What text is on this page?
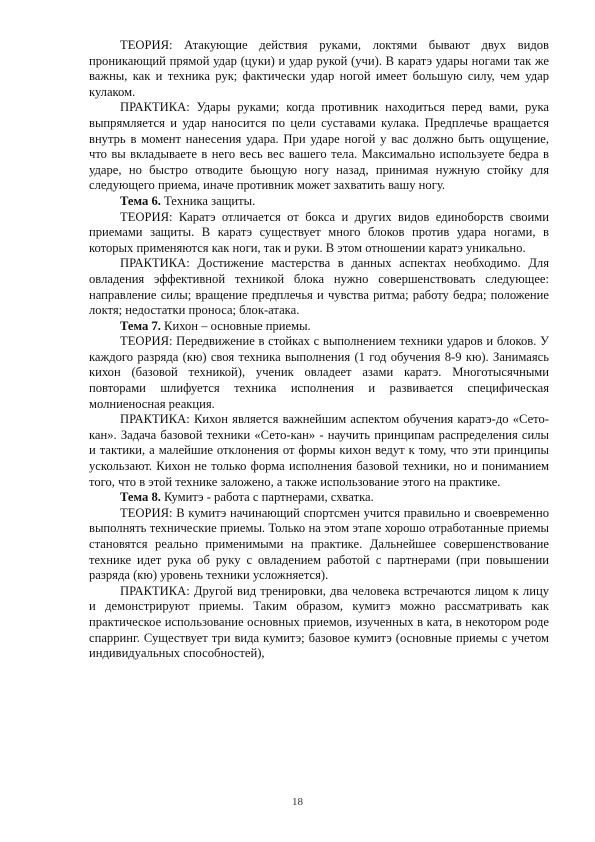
ТЕОРИЯ: Атакующие действия руками, локтями бывают двух видов проникающий прямой удар (цуки) и удар рукой (учи). В каратэ удары ногами так же важны, как и техника рук; фактически удар ногой имеет большую силу, чем удар кулаком.

ПРАКТИКА: Удары руками; когда противник находиться перед вами, рука выпрямляется и удар наносится по цели суставами кулака. Предплечье вращается внутрь в момент нанесения удара. При ударе ногой у вас должно быть ощущение, что вы вкладываете в него весь вес вашего тела. Максимально используете бедра в ударе, но быстро отводите бьющую ногу назад, принимая нужную стойку для следующего приема, иначе противник может захватить вашу ногу.

Тема 6. Техника защиты.

ТЕОРИЯ: Каратэ отличается от бокса и других видов единоборств своими приемами защиты. В каратэ существует много блоков против удара ногами, в которых применяются как ноги, так и руки. В этом отношении каратэ уникально.

ПРАКТИКА: Достижение мастерства в данных аспектах необходимо. Для овладения эффективной техникой блока нужно совершенствовать следующее: направление силы; вращение предплечья и чувства ритма; работу бедра; положение локтя; недостатки проноса; блок-атака.

Тема 7. Кихон – основные приемы.

ТЕОРИЯ: Передвижение в стойках с выполнением техники ударов и блоков. У каждого разряда (кю) своя техника выполнения (1 год обучения 8-9 кю). Занимаясь кихон (базовой техникой), ученик овладеет азами каратэ. Многотысячными повторами шлифуется техника исполнения и развивается специфическая молниеносная реакция.

ПРАКТИКА: Кихон является важнейшим аспектом обучения каратэ-до «Сето-кан». Задача базовой техники «Сето-кан» - научить принципам распределения силы и тактики, а малейшие отклонения от формы кихон ведут к тому, что эти принципы ускользают. Кихон не только форма исполнения базовой техники, но и пониманием того, что в этой технике заложено, а также использование этого на практике.

Тема 8. Кумитэ - работа с партнерами, схватка.

ТЕОРИЯ: В кумитэ начинающий спортсмен учится правильно и своевременно выполнять технические приемы. Только на этом этапе хорошо отработанные приемы становятся реально применимыми на практике. Дальнейшее совершенствование технике идет рука об руку с овладением работой с партнерами (при повышении разряда (кю) уровень техники усложняется).

ПРАКТИКА: Другой вид тренировки, два человека встречаются лицом к лицу и демонстрируют приемы. Таким образом, кумитэ можно рассматривать как практическое использование основных приемов, изученных в ката, в некотором роде спарринг. Существует три вида кумитэ; базовое кумитэ (основные приемы с учетом индивидуальных способностей),

18
